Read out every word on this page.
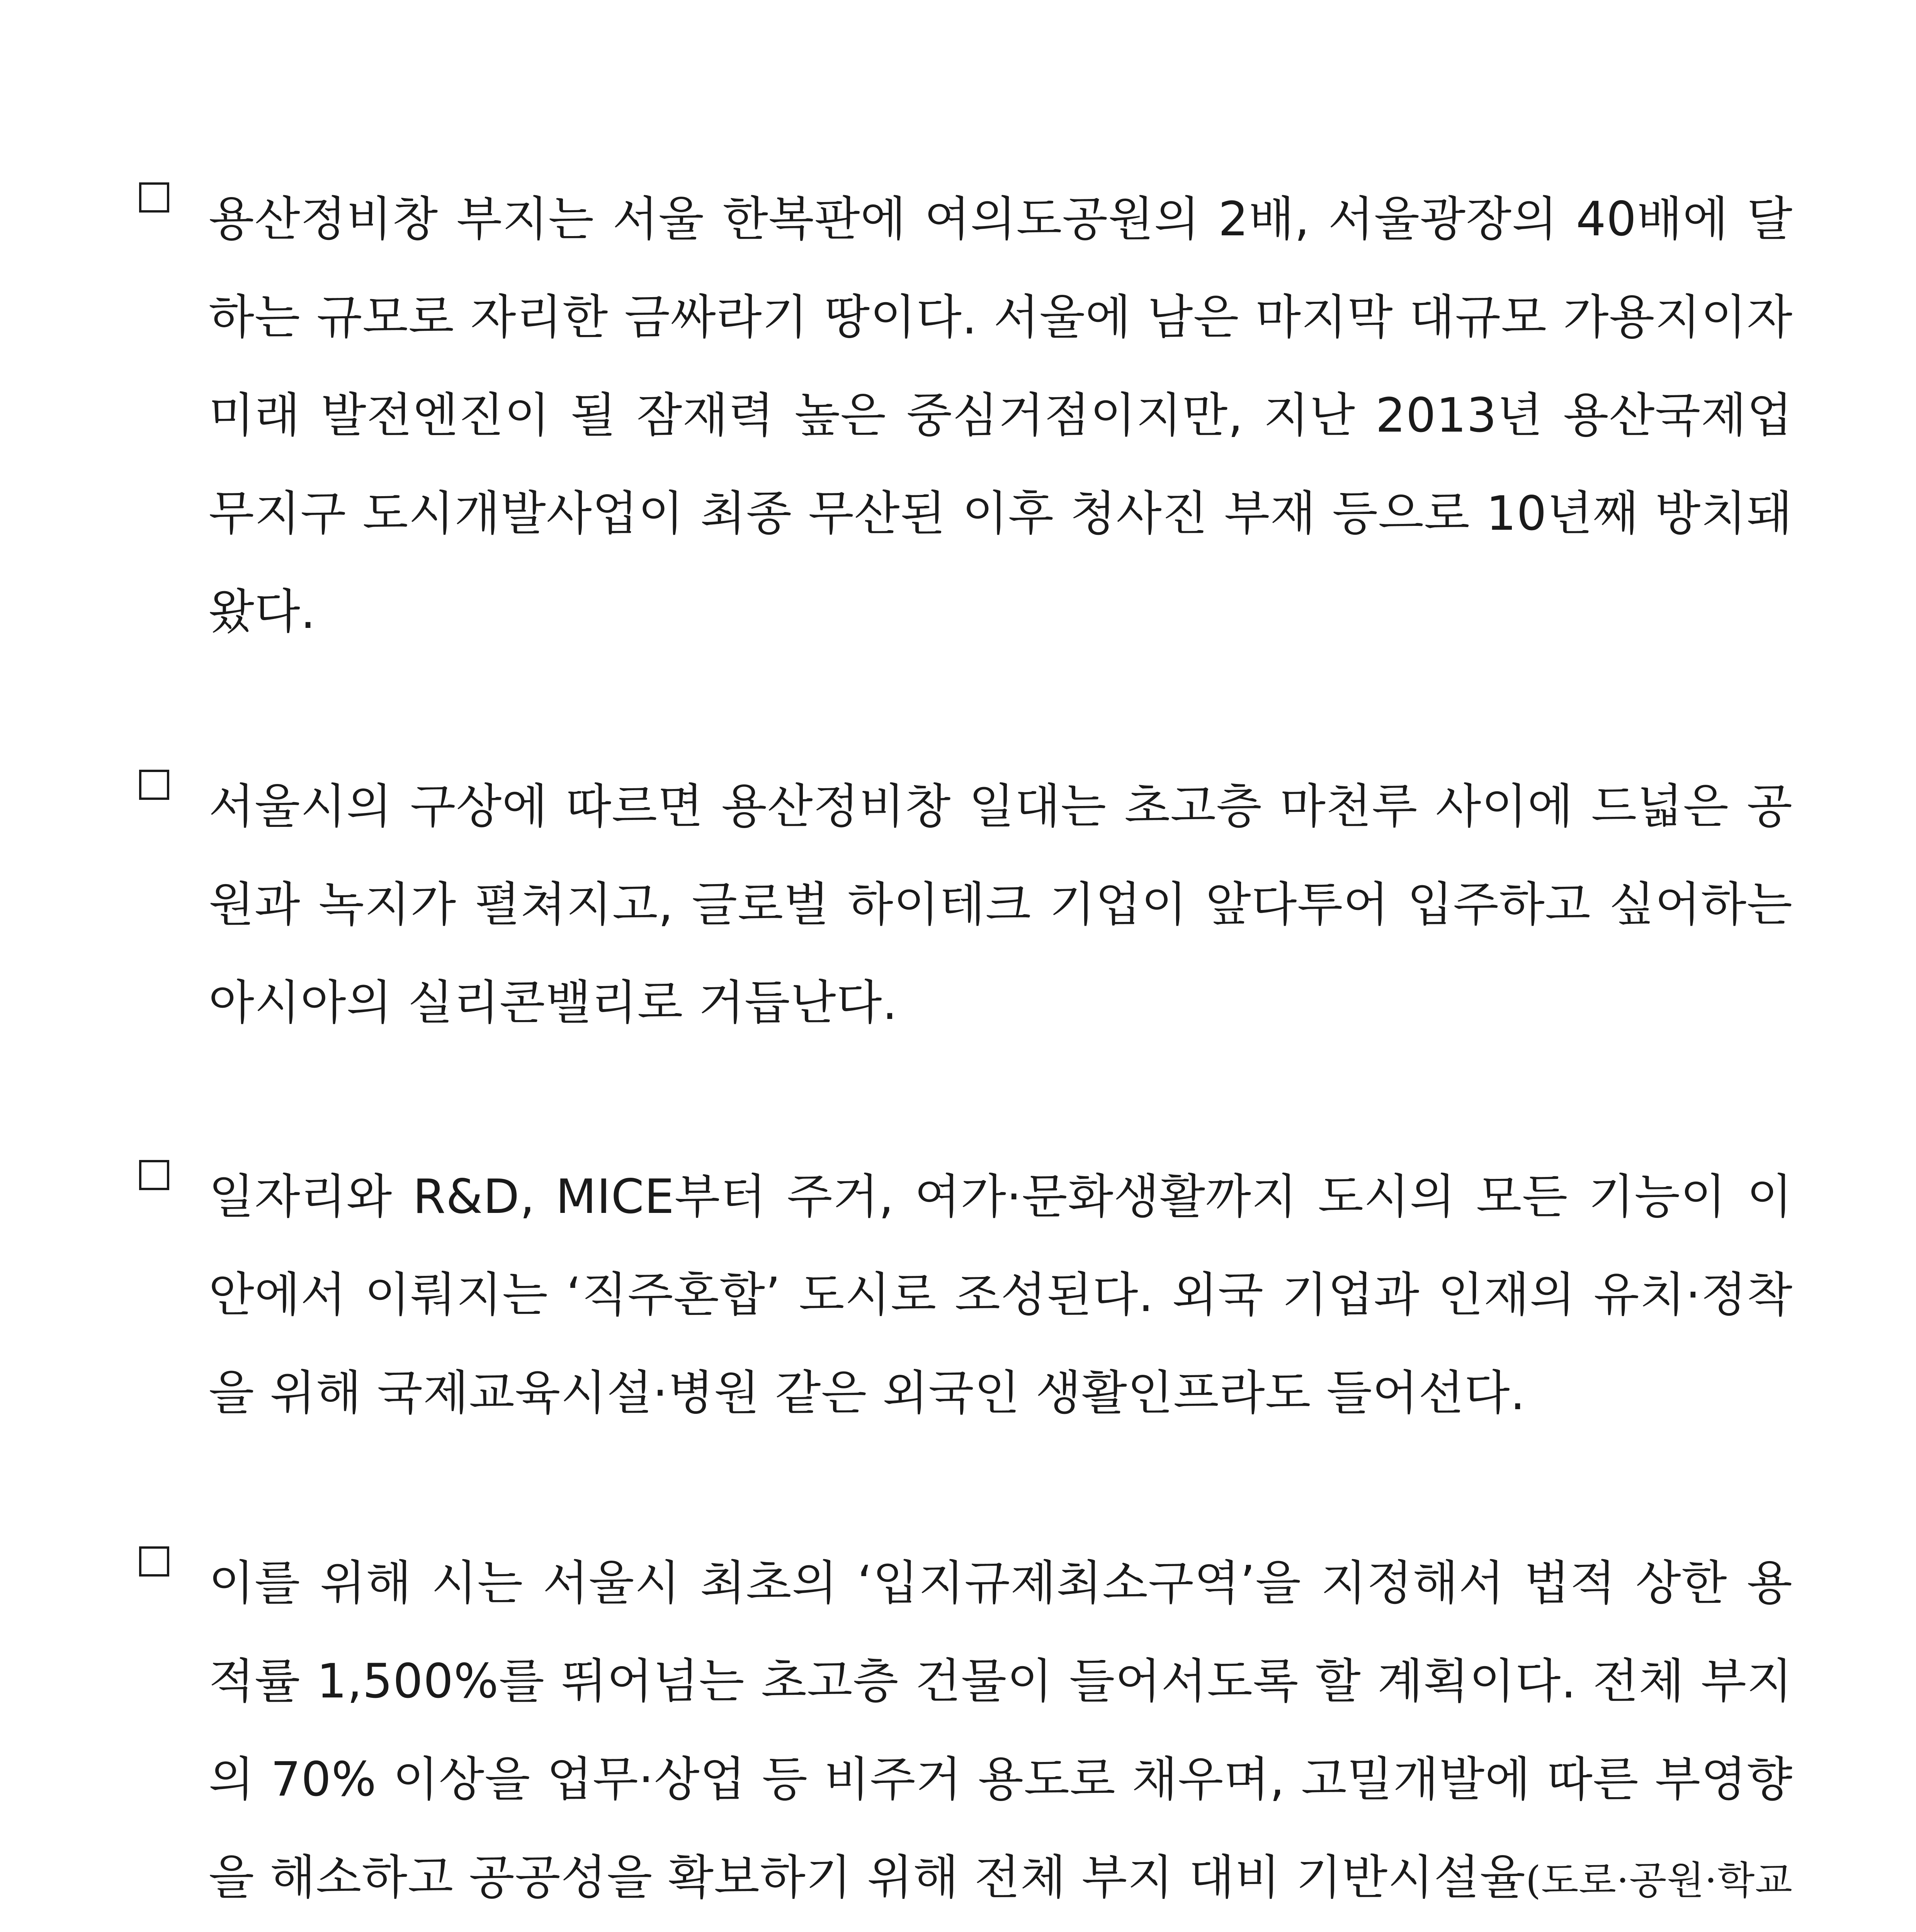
용산정비창 부지는 서울 한복판에 여의도공원의 2배, 서울광장의 40배에 달하는 규모로 자리한 금싸라기 땅이다. 서울에 남은 마지막 대규모 가용지이자 미래 발전엔진이 될 잠재력 높은 중심거점이지만, 지난 2013년 용산국제업무지구 도시개발사업이 최종 무산된 이후 청사진 부재 등으로 10년째 방치돼왔다.
서울시의 구상에 따르면 용산정비창 일대는 초고층 마천루 사이에 드넓은 공원과 녹지가 펼쳐지고, 글로벌 하이테크 기업이 앞다투어 입주하고 싶어하는 아시아의 실리콘밸리로 거듭난다.
일자리와 R&D, MICE부터 주거, 여가·문화생활까지 도시의 모든 기능이 이 안에서 이뤄지는 ‘직주혼합’ 도시로 조성된다. 외국 기업과 인재의 유치·정착을 위해 국제교육시설·병원 같은 외국인 생활인프라도 들어선다.
이를 위해 시는 서울시 최초의 ‘입지규제최소구역’을 지정해서 법적 상한 용적률 1,500%를 뛰어넘는 초고층 건물이 들어서도록 할 계획이다. 전체 부지의 70% 이상을 업무·상업 등 비주거 용도로 채우며, 고밀개발에 따른 부영향을 해소하고 공공성을 확보하기 위해 전체 부지 대비 기반시설율(도로·공원·학교
